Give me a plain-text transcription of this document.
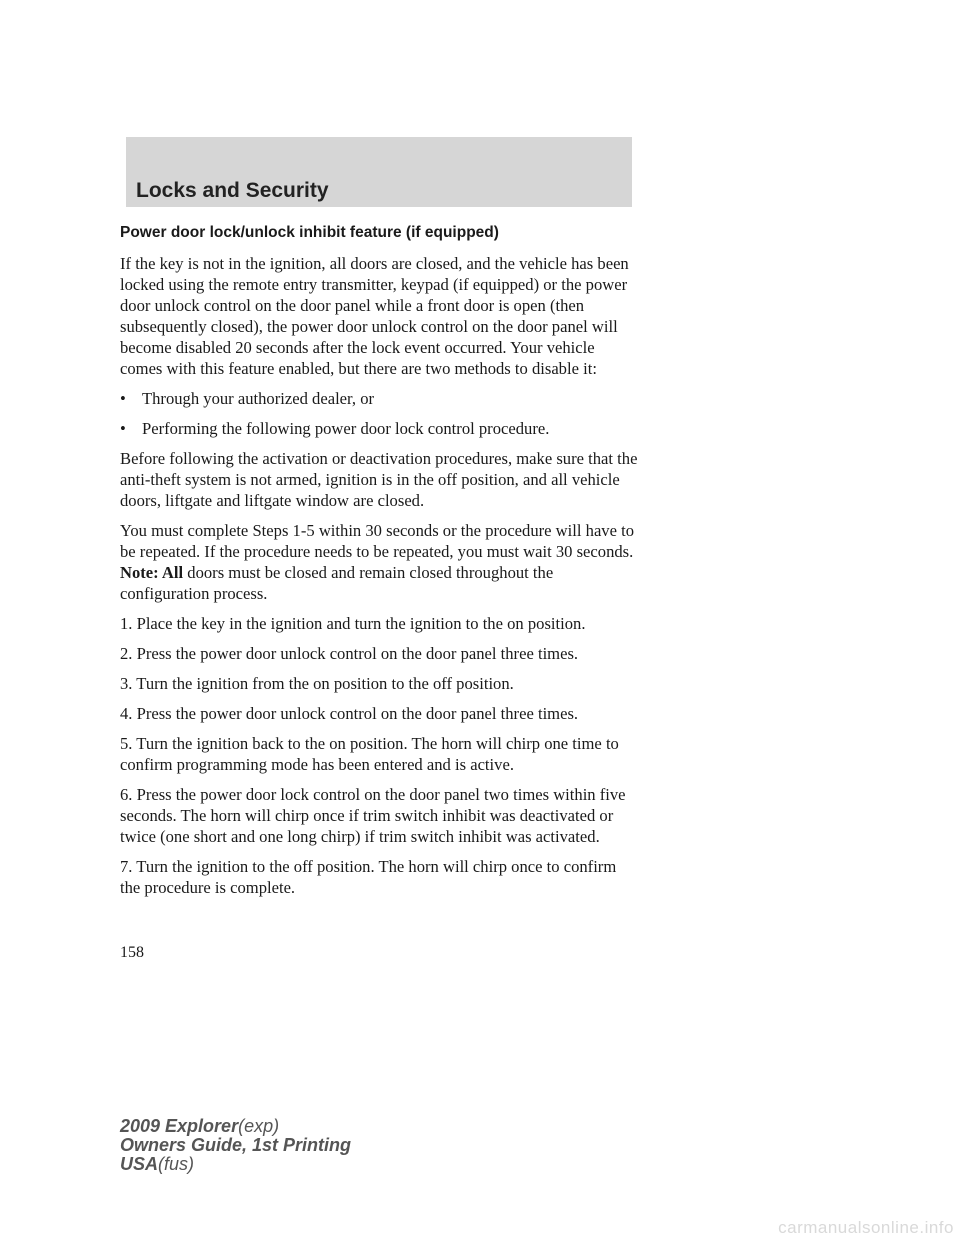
Locks and Security
Power door lock/unlock inhibit feature (if equipped)

If the key is not in the ignition, all doors are closed, and the vehicle has been locked using the remote entry transmitter, keypad (if equipped) or the power door unlock control on the door panel while a front door is open (then subsequently closed), the power door unlock control on the door panel will become disabled 20 seconds after the lock event occurred. Your vehicle comes with this feature enabled, but there are two methods to disable it:

• Through your authorized dealer, or
• Performing the following power door lock control procedure.

Before following the activation or deactivation procedures, make sure that the anti-theft system is not armed, ignition is in the off position, and all vehicle doors, liftgate and liftgate window are closed.

You must complete Steps 1-5 within 30 seconds or the procedure will have to be repeated. If the procedure needs to be repeated, you must wait 30 seconds. Note: All doors must be closed and remain closed throughout the configuration process.

1. Place the key in the ignition and turn the ignition to the on position.

2. Press the power door unlock control on the door panel three times.

3. Turn the ignition from the on position to the off position.

4. Press the power door unlock control on the door panel three times.

5. Turn the ignition back to the on position. The horn will chirp one time to confirm programming mode has been entered and is active.

6. Press the power door lock control on the door panel two times within five seconds. The horn will chirp once if trim switch inhibit was deactivated or twice (one short and one long chirp) if trim switch inhibit was activated.

7. Turn the ignition to the off position. The horn will chirp once to confirm the procedure is complete.

158
2009 Explorer(exp)
Owners Guide, 1st Printing
USA(fus)
carmanualsonline.info
